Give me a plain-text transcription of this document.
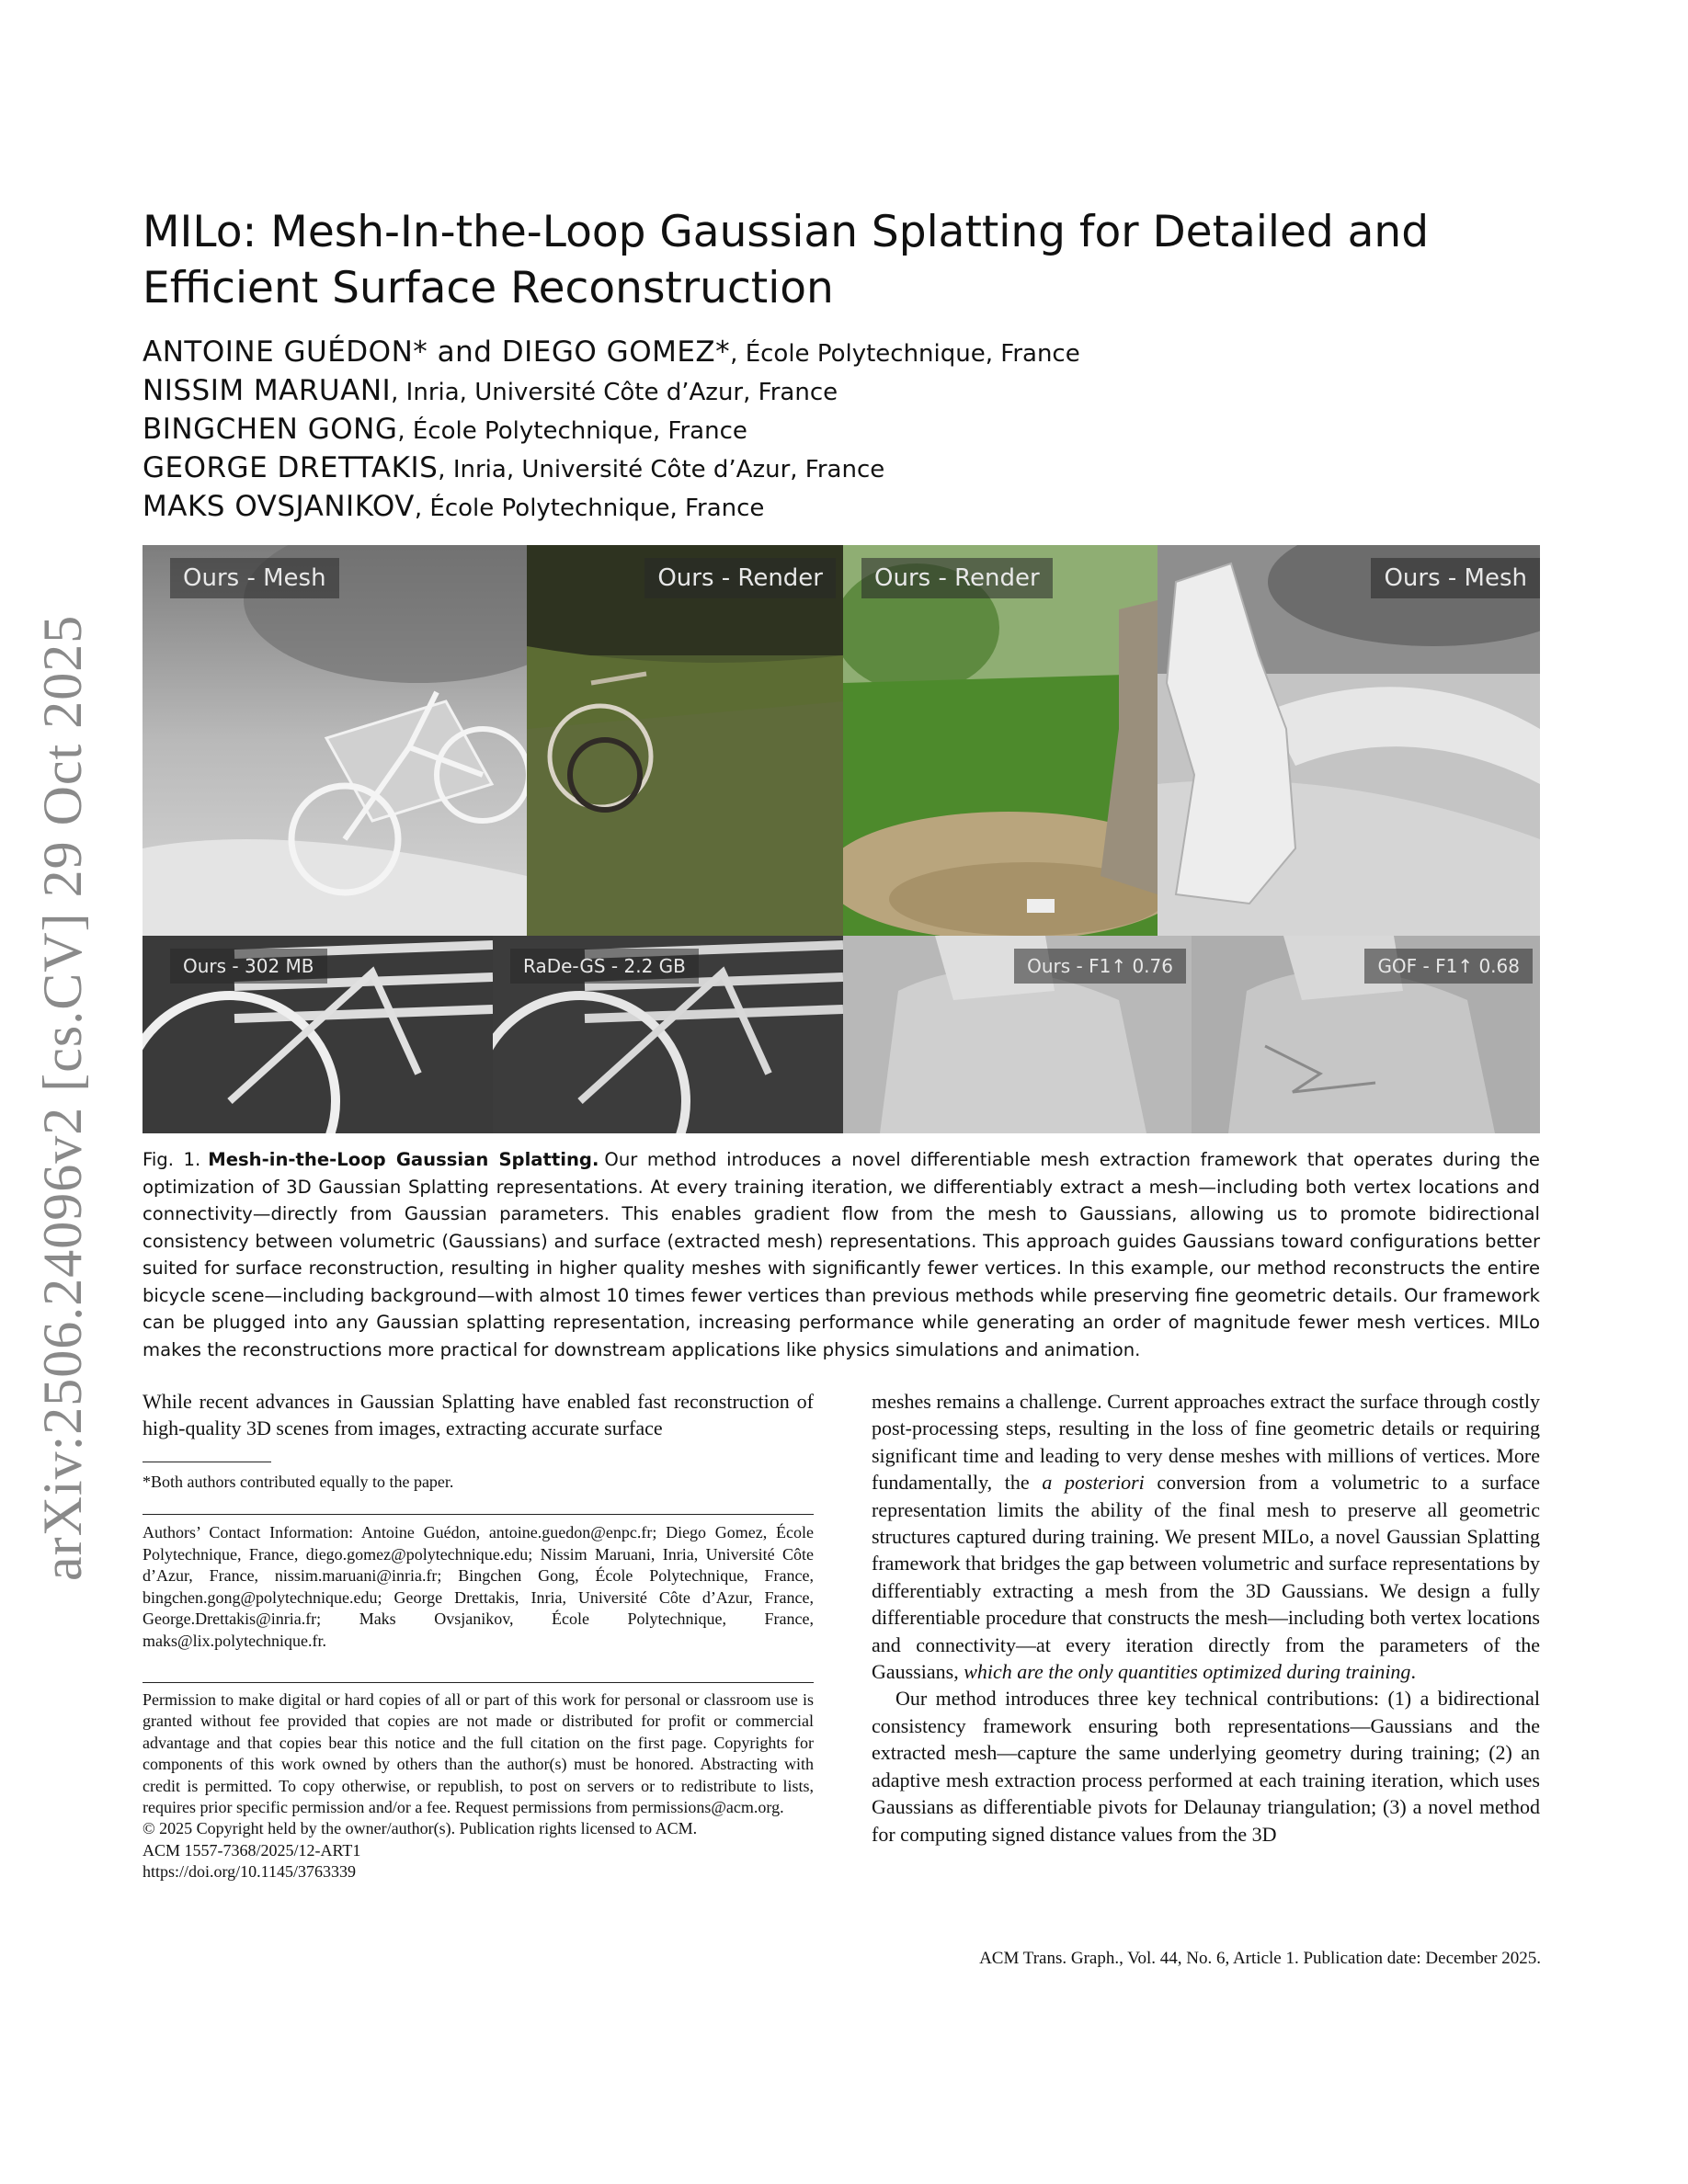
arXiv:2506.24096v2 [cs.CV] 29 Oct 2025
MILo: Mesh-In-the-Loop Gaussian Splatting for Detailed and Efficient Surface Reconstruction
ANTOINE GUÉDON* and DIEGO GOMEZ*, École Polytechnique, France
NISSIM MARUANI, Inria, Université Côte d’Azur, France
BINGCHEN GONG, École Polytechnique, France
GEORGE DRETTAKIS, Inria, Université Côte d’Azur, France
MAKS OVSJANIKOV, École Polytechnique, France
Ours - Mesh	Ours - Render	Ours - Render	Ours - Mesh
Ours - 302 MB	RaDe-GS - 2.2 GB	Ours - F1↑ 0.76	GOF - F1↑ 0.68

Fig. 1. Mesh-in-the-Loop Gaussian Splatting. Our method introduces a novel differentiable mesh extraction framework that operates during the optimization of 3D Gaussian Splatting representations. At every training iteration, we differentiably extract a mesh—including both vertex locations and connectivity—directly from Gaussian parameters. This enables gradient flow from the mesh to Gaussians, allowing us to promote bidirectional consistency between volumetric (Gaussians) and surface (extracted mesh) representations. This approach guides Gaussians toward configurations better suited for surface reconstruction, resulting in higher quality meshes with significantly fewer vertices. In this example, our method reconstructs the entire bicycle scene—including background—with almost 10 times fewer vertices than previous methods while preserving fine geometric details. Our framework can be plugged into any Gaussian splatting representation, increasing performance while generating an order of magnitude fewer mesh vertices. MILo makes the reconstructions more practical for downstream applications like physics simulations and animation.

While recent advances in Gaussian Splatting have enabled fast reconstruction of high-quality 3D scenes from images, extracting accurate surface

*Both authors contributed equally to the paper.
Authors’ Contact Information: Antoine Guédon, antoine.guedon@enpc.fr; Diego Gomez, École Polytechnique, France, diego.gomez@polytechnique.edu; Nissim Maruani, Inria, Université Côte d’Azur, France, nissim.maruani@inria.fr; Bingchen Gong, École Polytechnique, France, bingchen.gong@polytechnique.edu; George Drettakis, Inria, Université Côte d’Azur, France, George.Drettakis@inria.fr; Maks Ovsjanikov, École Polytechnique, France, maks@lix.polytechnique.fr.
Permission to make digital or hard copies of all or part of this work for personal or classroom use is granted without fee provided that copies are not made or distributed for profit or commercial advantage and that copies bear this notice and the full citation on the first page. Copyrights for components of this work owned by others than the author(s) must be honored. Abstracting with credit is permitted. To copy otherwise, or republish, to post on servers or to redistribute to lists, requires prior specific permission and/or a fee. Request permissions from permissions@acm.org.
© 2025 Copyright held by the owner/author(s). Publication rights licensed to ACM.
ACM 1557-7368/2025/12-ART1
https://doi.org/10.1145/3763339

meshes remains a challenge. Current approaches extract the surface through costly post-processing steps, resulting in the loss of fine geometric details or requiring significant time and leading to very dense meshes with millions of vertices. More fundamentally, the a posteriori conversion from a volumetric to a surface representation limits the ability of the final mesh to preserve all geometric structures captured during training. We present MILo, a novel Gaussian Splatting framework that bridges the gap between volumetric and surface representations by differentiably extracting a mesh from the 3D Gaussians. We design a fully differentiable procedure that constructs the mesh—including both vertex locations and connectivity—at every iteration directly from the parameters of the Gaussians, which are the only quantities optimized during training.

Our method introduces three key technical contributions: (1) a bidirectional consistency framework ensuring both representations—Gaussians and the extracted mesh—capture the same underlying geometry during training; (2) an adaptive mesh extraction process performed at each training iteration, which uses Gaussians as differentiable pivots for Delaunay triangulation; (3) a novel method for computing signed distance values from the 3D

ACM Trans. Graph., Vol. 44, No. 6, Article 1. Publication date: December 2025.
